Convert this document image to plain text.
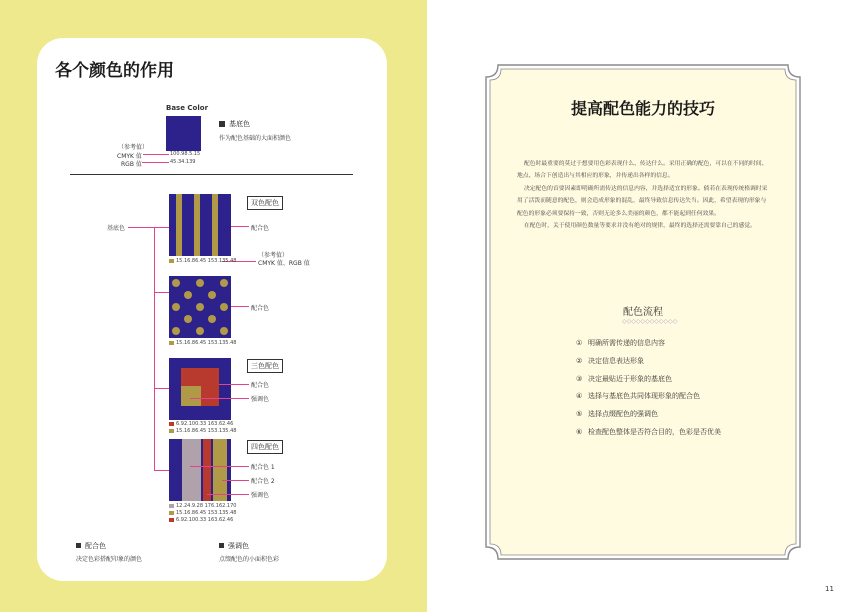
各个颜色的作用
Base Color
（参考值）
CMYK 值
RGB 值
100.98.5.15
45.34.139
基底色
作为配色基础的大面积颜色
基底色
双色配色
配合色
（参考值）
CMYK 值、RGB 值
15.16.86.45 153.135.48
配合色
15.16.86.45 153.135.48
三色配色
配合色
强调色
6.92.100.33 163.62.46
15.16.86.45 153.135.48
四色配色
配合色 1
配合色 2
强调色
12.24.9.28 176.162.170
15.16.86.45 153.135.48
6.92.100.33 163.62.46
配合色
决定色彩搭配印象的颜色
强调色
点缀配色的小面积色彩
提高配色能力的技巧

配色时最重要的莫过于想要用色彩表现什么、传达什么。采用正确的配色，可以在不同的时间、地点、场合下创造出与其相应的形象，并传递出各样的信息。

决定配色的首要因素即明确所需传达的信息内容，并选择适宜的形象。倘若在表现传统格调时采用了活泼而随意的配色，则会造成形象的混乱，最终导致信息传达失当。因此，希望表现的形象与配色的形象必须要保持一致，否则无论多么美丽的颜色，都不能起到任何效果。

在配色时，关于使用颜色数量等要求并没有绝对的规律，最终的选择还需要靠自己的感觉。

配色流程
◇◇◇◇◇◇◇◇◇◇◇◇
① 明确所需传递的信息内容
② 决定信息表达形象
③ 决定最贴近于形象的基底色
④ 选择与基底色共同体现形象的配合色
⑤ 选择点缀配色的强调色
⑥ 检查配色整体是否符合目的，色彩是否优美
11
